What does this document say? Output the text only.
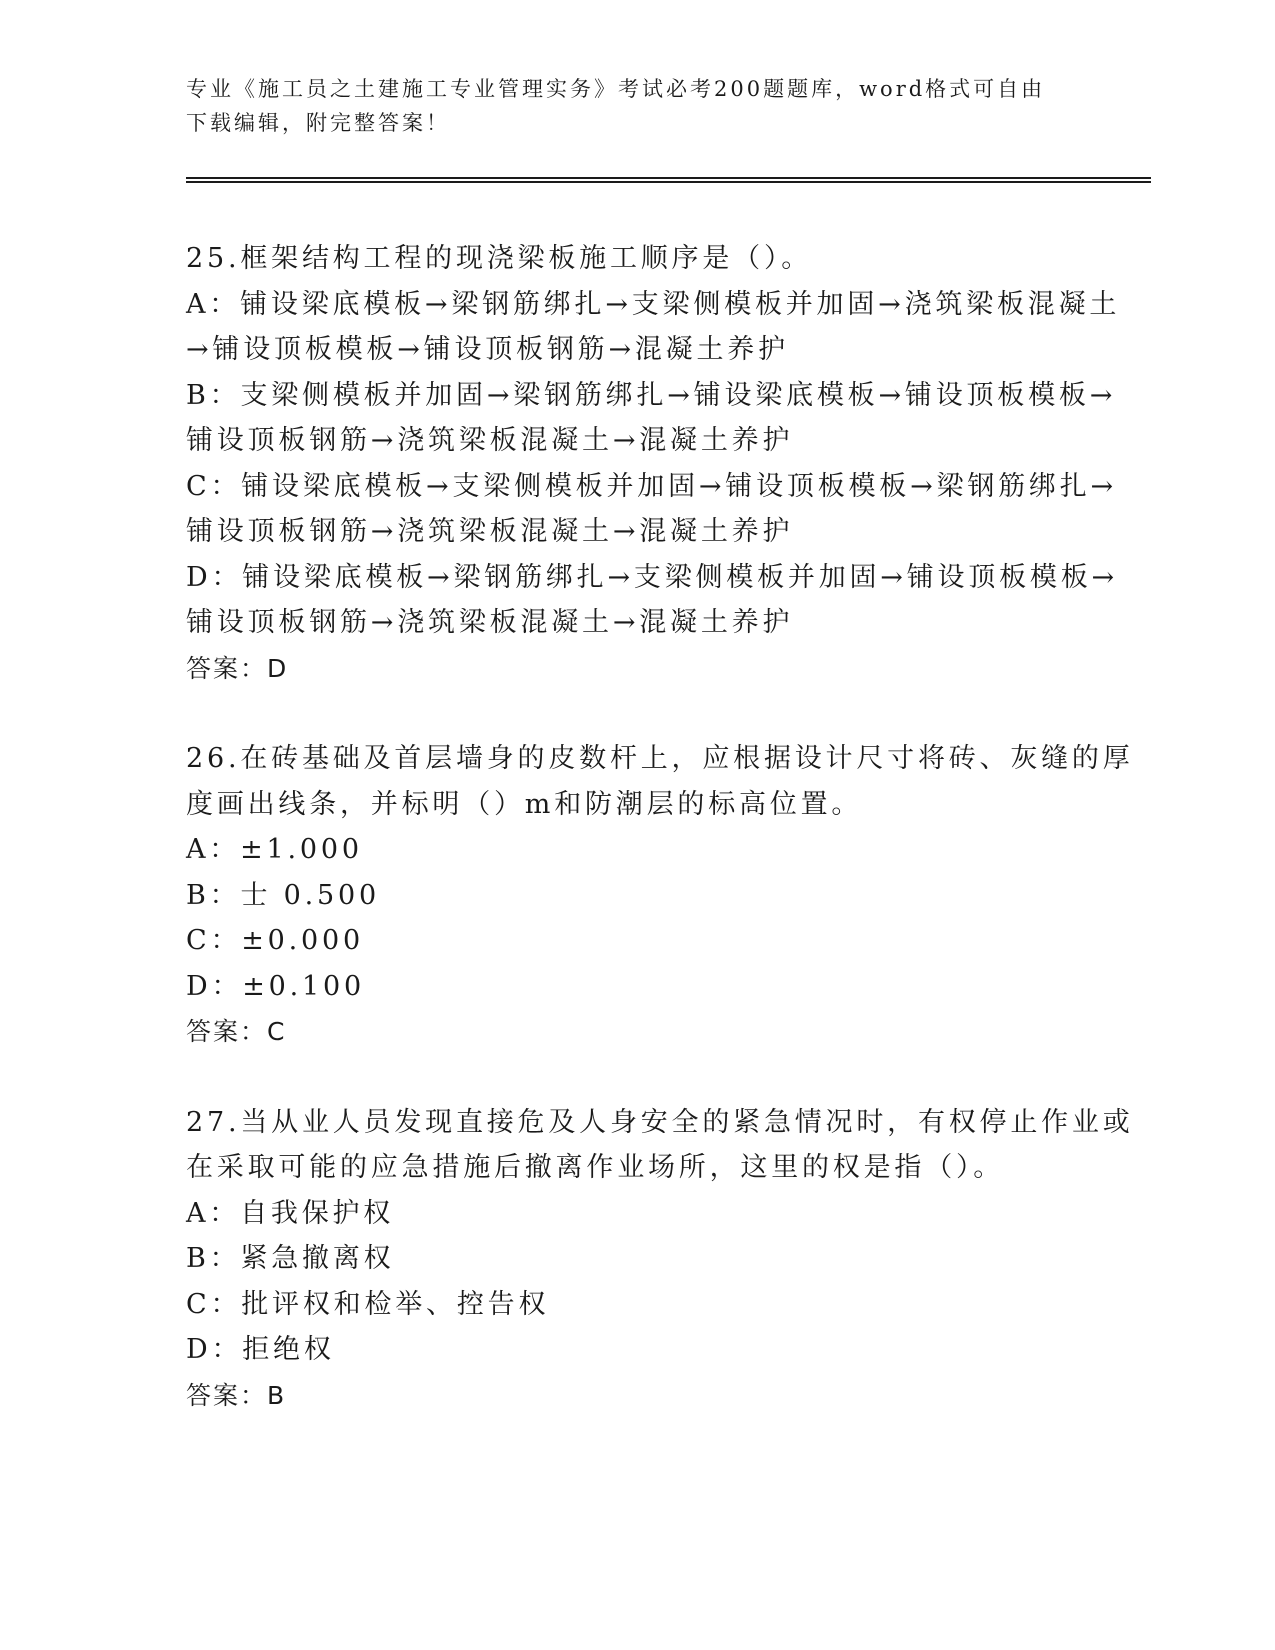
专业《施工员之土建施工专业管理实务》考试必考200题题库，word格式可自由
下载编辑，附完整答案！
25.框架结构工程的现浇梁板施工顺序是（）。
A：铺设梁底模板→梁钢筋绑扎→支梁侧模板并加固→浇筑梁板混凝土
→铺设顶板模板→铺设顶板钢筋→混凝土养护
B：支梁侧模板并加固→梁钢筋绑扎→铺设梁底模板→铺设顶板模板→
铺设顶板钢筋→浇筑梁板混凝土→混凝土养护
C：铺设梁底模板→支梁侧模板并加固→铺设顶板模板→梁钢筋绑扎→
铺设顶板钢筋→浇筑梁板混凝土→混凝土养护
D：铺设梁底模板→梁钢筋绑扎→支梁侧模板并加固→铺设顶板模板→
铺设顶板钢筋→浇筑梁板混凝土→混凝土养护
答案：D
26.在砖基础及首层墙身的皮数杆上，应根据设计尺寸将砖、灰缝的厚
度画出线条，并标明（）m和防潮层的标高位置。
A：±1.000
B：士 0.500
C：±0.000
D：±0.100
答案：C
27.当从业人员发现直接危及人身安全的紧急情况时，有权停止作业或
在采取可能的应急措施后撤离作业场所，这里的权是指（）。
A：自我保护权
B：紧急撤离权
C：批评权和检举、控告权
D：拒绝权
答案：B
